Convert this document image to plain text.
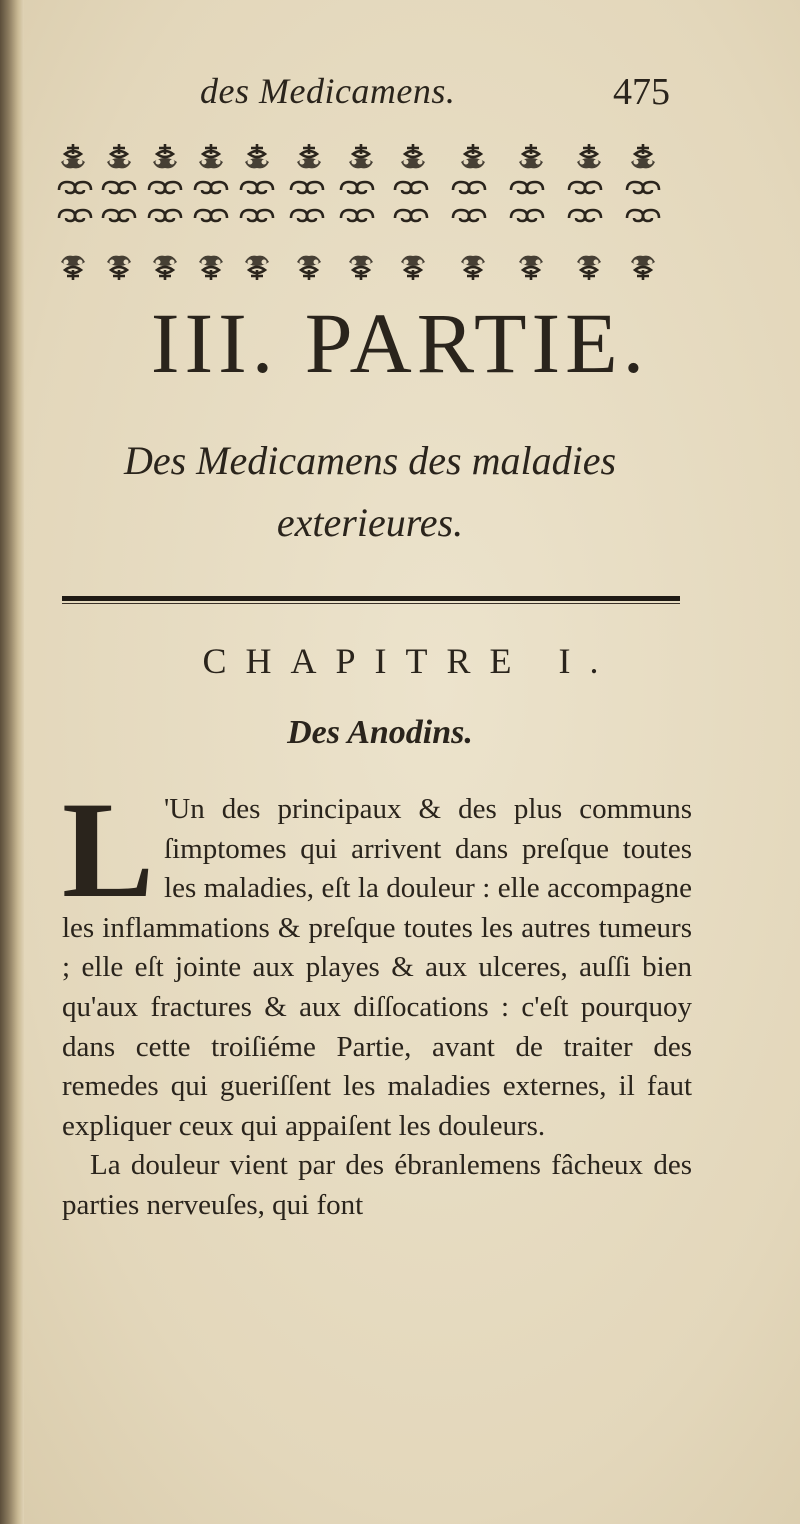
des Medicamens.	475
III. PARTIE.
Des Medicamens des maladies exterieures.
CHAPITRE I.
Des Anodins.
L 'Un des principaux & des plus communs ſimptomes qui arrivent dans preſque toutes les maladies, eſt la douleur : elle accompagne les inflammations & preſque toutes les autres tumeurs ; elle eſt jointe aux playes & aux ulceres, auſſi bien qu'aux fractures & aux diſſocations : c'eſt pourquoy dans cette troiſiéme Partie, avant de traiter des remedes qui gueriſſent les maladies externes, il faut expliquer ceux qui appaiſent les douleurs.

La douleur vient par des ébranlemens fâcheux des parties nerveuſes, qui font
